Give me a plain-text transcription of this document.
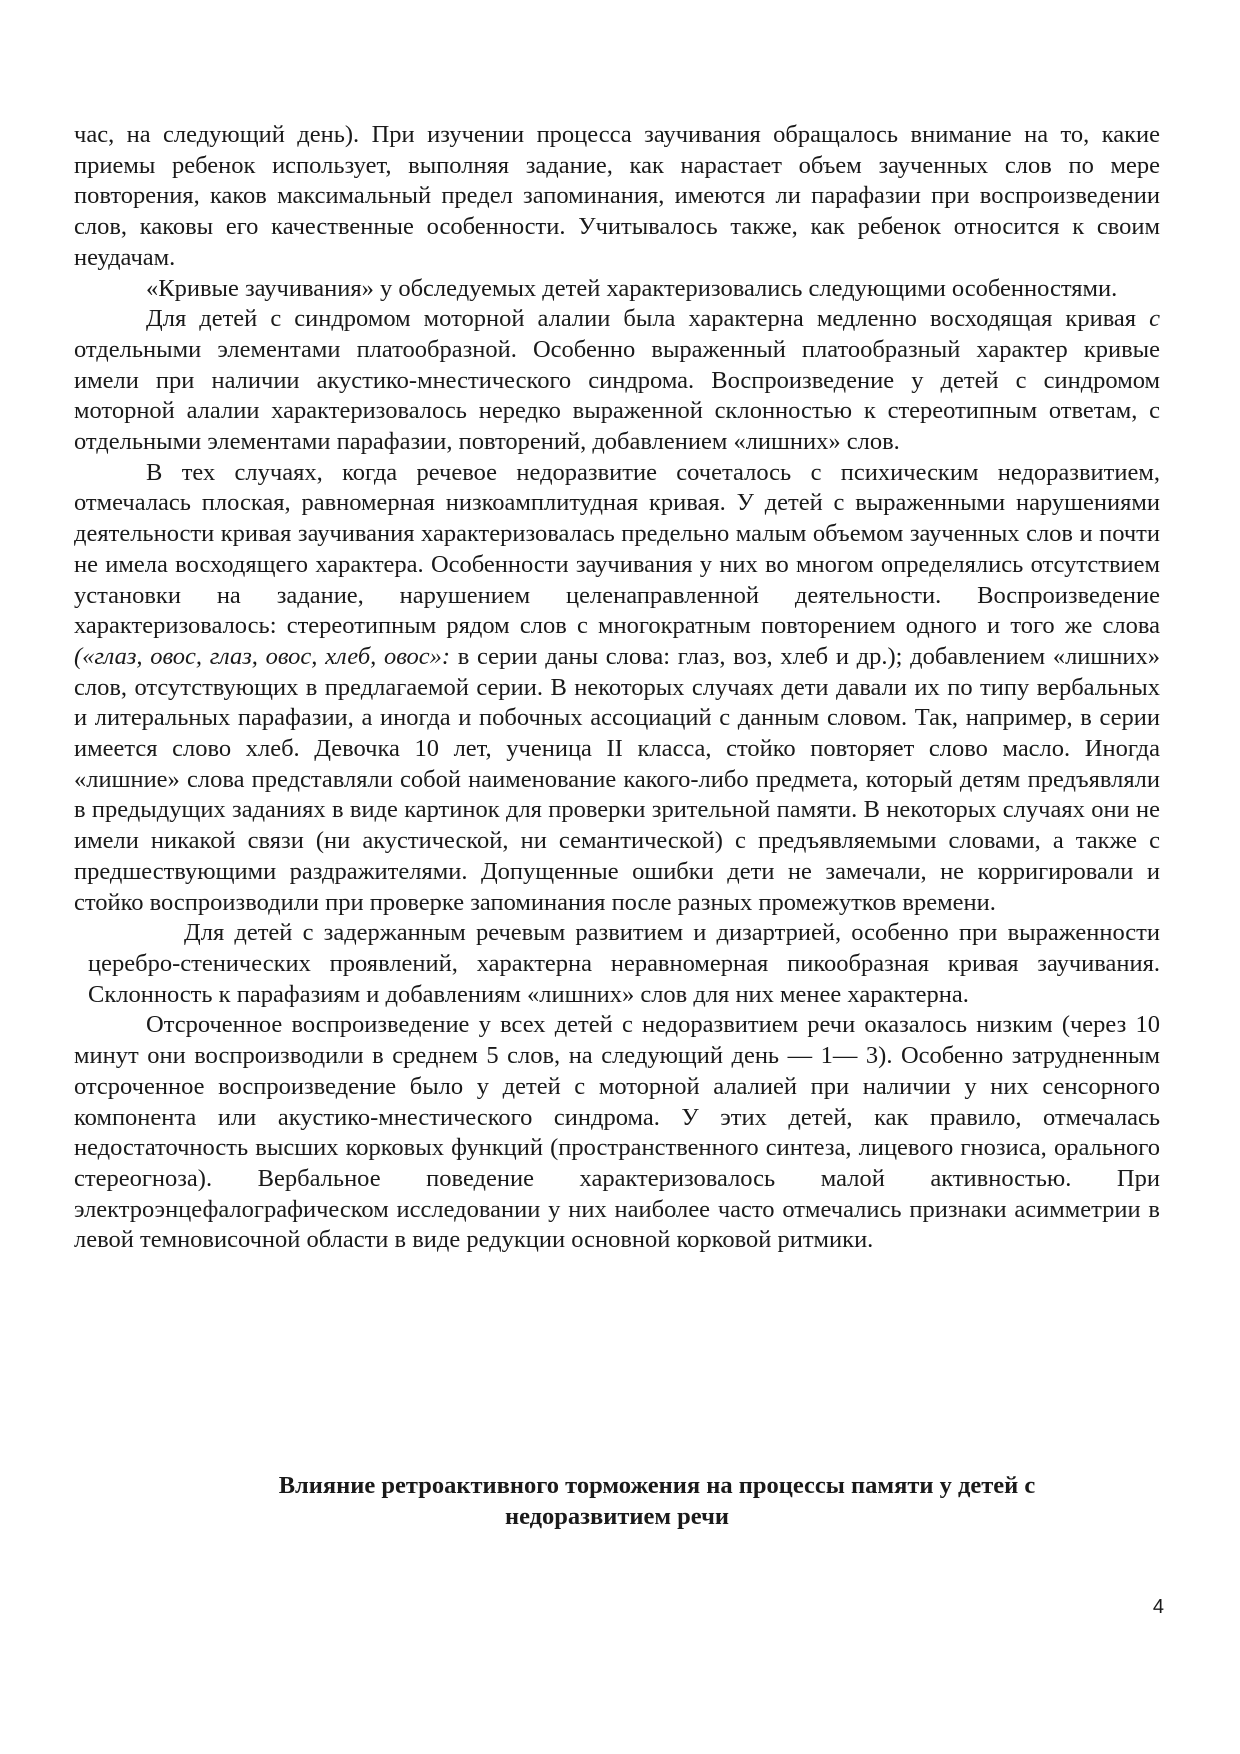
час, на следующий день). При изучении процесса заучивания обращалось внимание на то, какие приемы ребенок использует, выполняя задание, как нарастает объем заученных слов по мере повторения, каков максимальный предел запоминания, имеются ли парафазии при воспроизведении слов, каковы его качественные особенности. Учитывалось также, как ребенок относится к своим неудачам.

«Кривые заучивания» у обследуемых детей характеризовались следующими особенностями.

Для детей с синдромом моторной алалии была характерна медленно восходящая кривая с отдельными элементами платообразной. Особенно выраженный платообразный характер кривые имели при наличии акустико-мнестического синдрома. Воспроизведение у детей с синдромом моторной алалии характеризовалось нередко выраженной склонностью к стереотипным ответам, с отдельными элементами парафазии, повторений, добавлением «лишних» слов.

В тех случаях, когда речевое недоразвитие сочеталось с психическим недоразвитием, отмечалась плоская, равномерная низкоамплитудная кривая. У детей с выраженными нарушениями деятельности кривая заучивания характеризовалась предельно малым объемом заученных слов и почти не имела восходящего характера. Особенности заучивания у них во многом определялись отсутствием установки на задание, нарушением целенаправленной деятельности. Воспроизведение характеризовалось: стереотипным рядом слов с многократным повторением одного и того же слова («глаз, овос, глаз, овос, хлеб, овос»: в серии даны слова: глаз, воз, хлеб и др.); добавлением «лишних» слов, отсутствующих в предлагаемой серии. В некоторых случаях дети давали их по типу вербальных и литеральных парафазии, а иногда и побочных ассоциаций с данным словом. Так, например, в серии имеется слово хлеб. Девочка 10 лет, ученица II класса, стойко повторяет слово масло. Иногда «лишние» слова представляли собой наименование какого-либо предмета, который детям предъявляли в предыдущих заданиях в виде картинок для проверки зрительной памяти. В некоторых случаях они не имели никакой связи (ни акустической, ни семантической) с предъявляемыми словами, а также с предшествующими раздражителями. Допущенные ошибки дети не замечали, не корригировали и стойко воспроизводили при проверке запоминания после разных промежутков времени.

Для детей с задержанным речевым развитием и дизартрией, особенно при выраженности церебро-стенических проявлений, характерна неравномерная пикообразная кривая заучивания. Склонность к парафазиям и добавлениям «лишних» слов для них менее характерна.

Отсроченное воспроизведение у всех детей с недоразвитием речи оказалось низким (через 10 минут они воспроизводили в среднем 5 слов, на следующий день — 1— 3). Особенно затрудненным отсроченное воспроизведение было у детей с моторной алалией при наличии у них сенсорного компонента или акустико-мнестического синдрома. У этих детей, как правило, отмечалась недостаточность высших корковых функций (пространственного синтеза, лицевого гнозиса, орального стереогноза). Вербальное поведение характеризовалось малой активностью. При электроэнцефалографическом исследовании у них наиболее часто отмечались признаки асимметрии в левой темновисочной области в виде редукции основной корковой ритмики.

Влияние ретроактивного торможения на процессы памяти у детей с
недоразвитием речи
4
